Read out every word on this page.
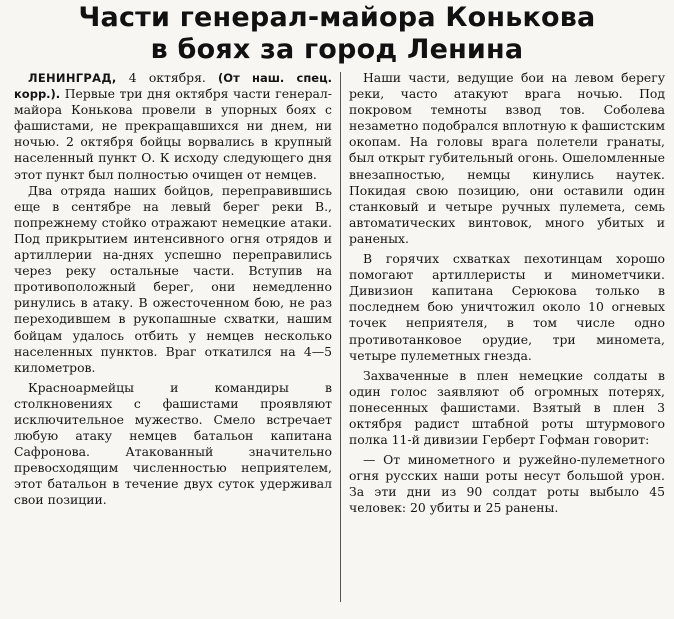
Части генерал-майора Конькова
в боях за город Ленина

ЛЕНИНГРАД, 4 октября. (От наш. спец. корр.). Первые три дня октября части генерал-майора Конькова провели в упорных боях с фашистами, не прекращавшихся ни днем, ни ночью. 2 октября бойцы ворвались в крупный населенный пункт О. К исходу следующего дня этот пункт был полностью очищен от немцев.

Два отряда наших бойцов, переправившись еще в сентябре на левый берег реки В., попрежнему стойко отражают немецкие атаки. Под прикрытием интенсивного огня отрядов и артиллерии на-днях успешно переправились через реку остальные части. Вступив на противоположный берег, они немедленно ринулись в атаку. В ожесточенном бою, не раз переходившем в рукопашные схватки, нашим бойцам удалось отбить у немцев несколько населенных пунктов. Враг откатился на 4—5 километров.

Красноармейцы и командиры в столкновениях с фашистами проявляют исключительное мужество. Смело встречает любую атаку немцев батальон капитана Сафронова. Атакованный значительно превосходящим численностью неприятелем, этот батальон в течение двух суток удерживал свои позиции.

Наши части, ведущие бои на левом берегу реки, часто атакуют врага ночью. Под покровом темноты взвод тов. Соболева незаметно подобрался вплотную к фашистским окопам. На головы врага полетели гранаты, был открыт губительный огонь. Ошеломленные внезапностью, немцы кинулись наутек. Покидая свою позицию, они оставили один станковый и четыре ручных пулемета, семь автоматических винтовок, много убитых и раненых.

В горячих схватках пехотинцам хорошо помогают артиллеристы и минометчики. Дивизион капитана Серюкова только в последнем бою уничтожил около 10 огневых точек неприятеля, в том числе одно противотанковое орудие, три миномета, четыре пулеметных гнезда.

Захваченные в плен немецкие солдаты в один голос заявляют об огромных потерях, понесенных фашистами. Взятый в плен 3 октября радист штабной роты штурмового полка 11-й дивизии Герберт Гофман говорит:

— От минометного и ружейно-пулеметного огня русских наши роты несут большой урон. За эти дни из 90 солдат роты выбыло 45 человек: 20 убиты и 25 ранены.
